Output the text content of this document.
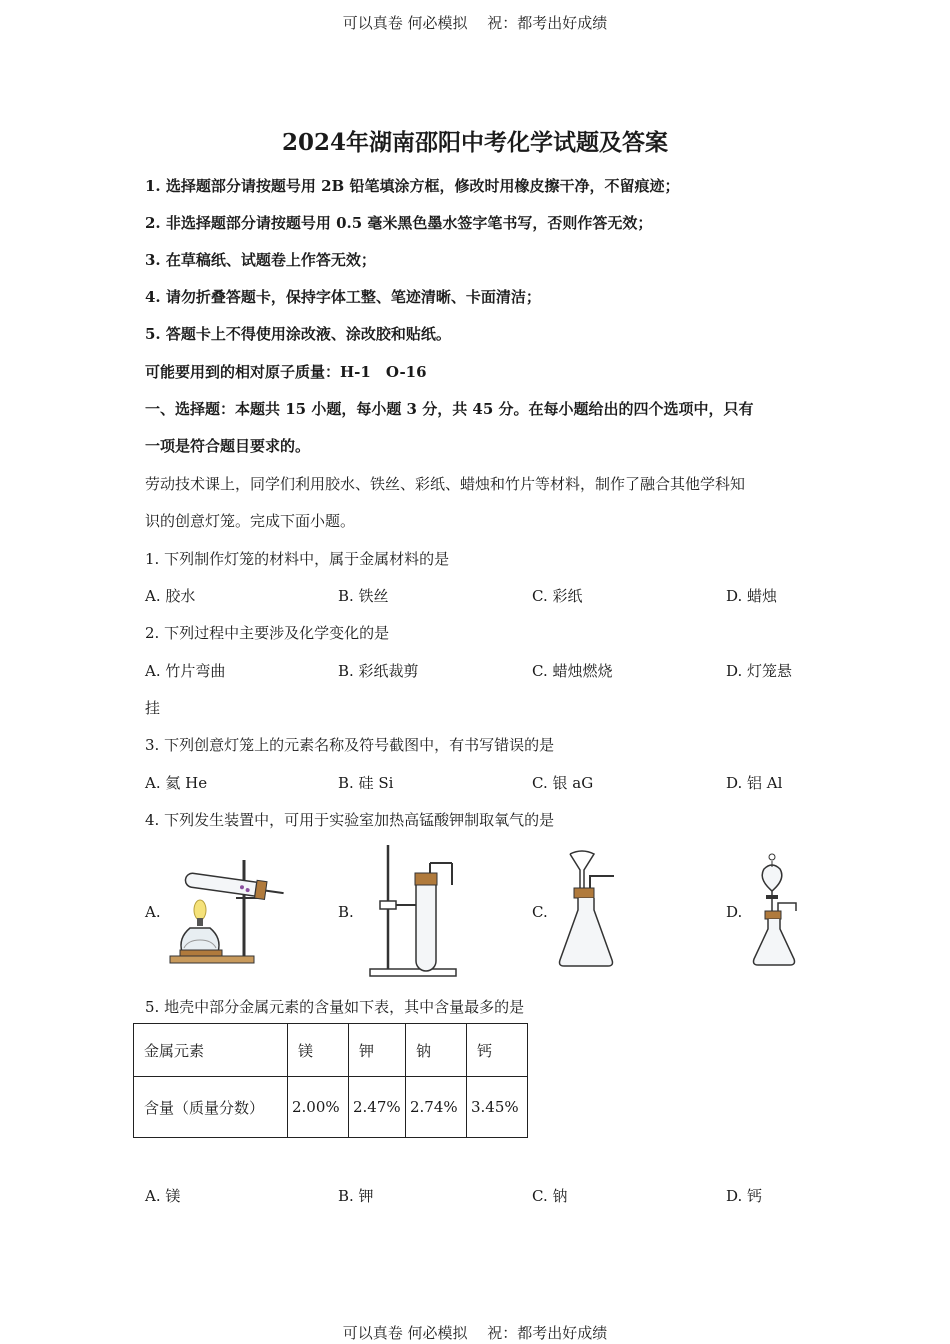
可以真卷 何必模拟　 祝：都考出好成绩
2024年湖南邵阳中考化学试题及答案
1. 选择题部分请按题号用 2B 铅笔填涂方框，修改时用橡皮擦干净，不留痕迹；
2. 非选择题部分请按题号用 0.5 毫米黑色墨水签字笔书写，否则作答无效；
3. 在草稿纸、试题卷上作答无效；
4. 请勿折叠答题卡，保持字体工整、笔迹清晰、卡面清洁；
5. 答题卡上不得使用涂改液、涂改胶和贴纸。
可能要用到的相对原子质量：H-1　O-16
一、选择题：本题共 15 小题，每小题 3 分，共 45 分。在每小题给出的四个选项中，只有
一项是符合题目要求的。
劳动技术课上，同学们利用胶水、铁丝、彩纸、蜡烛和竹片等材料，制作了融合其他学科知
识的创意灯笼。完成下面小题。
1. 下列制作灯笼的材料中，属于金属材料的是
A. 胶水	B. 铁丝	C. 彩纸	D. 蜡烛
2. 下列过程中主要涉及化学变化的是
A. 竹片弯曲	B. 彩纸裁剪	C. 蜡烛燃烧	D. 灯笼悬
挂
3. 下列创意灯笼上的元素名称及符号截图中，有书写错误的是
A. 氦 He	B. 硅 Si	C. 银 aG	D. 铝 Al
4. 下列发生装置中，可用于实验室加热高锰酸钾制取氧气的是
A.	B.	C.	D.
5. 地壳中部分金属元素的含量如下表，其中含量最多的是
金属元素	镁	钾	钠	钙
含量（质量分数）	2.00%	2.47%	2.74%	3.45%
A. 镁	B. 钾	C. 钠	D. 钙
可以真卷 何必模拟　 祝：都考出好成绩
